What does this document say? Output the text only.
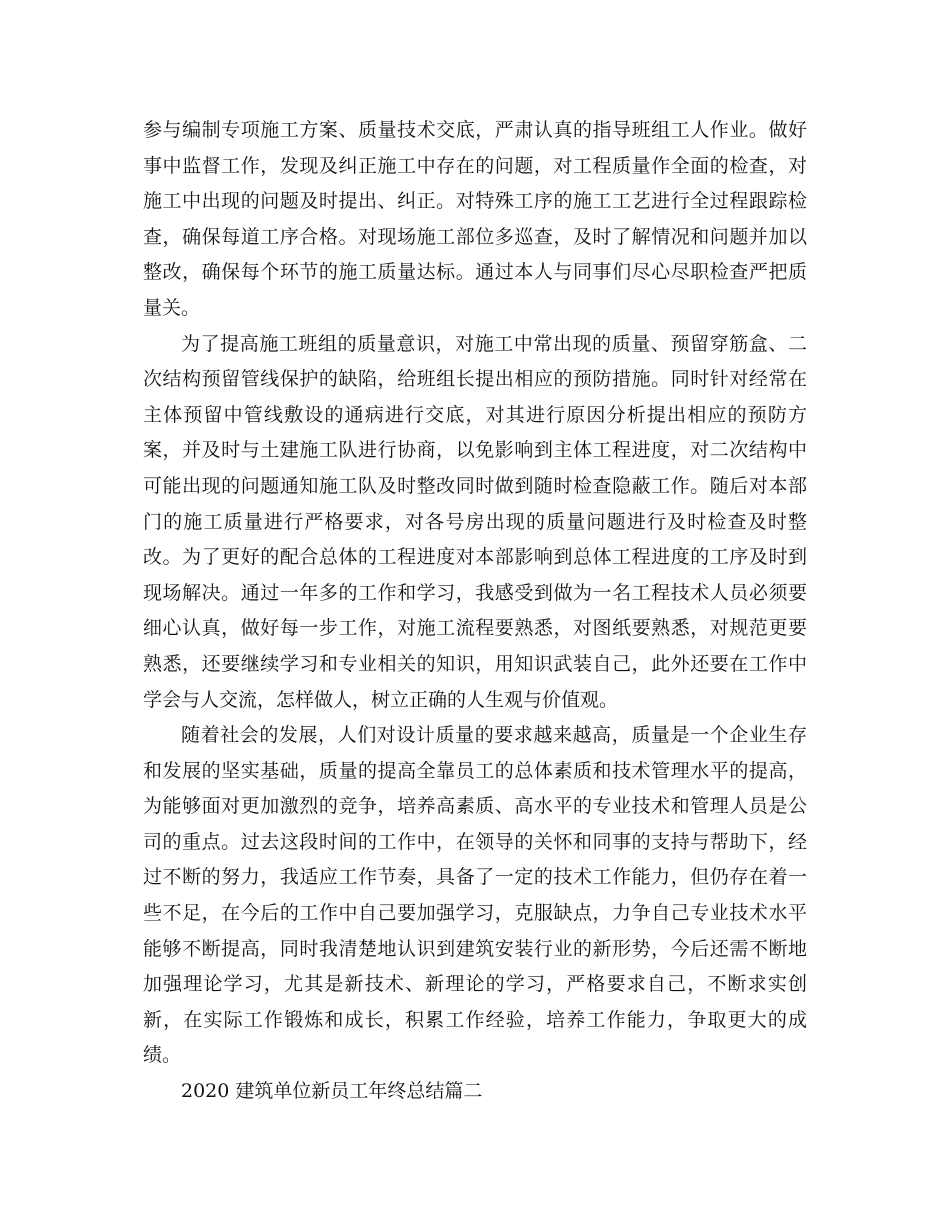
参与编制专项施工方案、质量技术交底，严肃认真的指导班组工人作业。做好事中监督工作，发现及纠正施工中存在的问题，对工程质量作全面的检查，对施工中出现的问题及时提出、纠正。对特殊工序的施工工艺进行全过程跟踪检查，确保每道工序合格。对现场施工部位多巡查，及时了解情况和问题并加以整改，确保每个环节的施工质量达标。通过本人与同事们尽心尽职检查严把质量关。

为了提高施工班组的质量意识，对施工中常出现的质量、预留穿筋盒、二次结构预留管线保护的缺陷，给班组长提出相应的预防措施。同时针对经常在主体预留中管线敷设的通病进行交底，对其进行原因分析提出相应的预防方案，并及时与土建施工队进行协商，以免影响到主体工程进度，对二次结构中可能出现的问题通知施工队及时整改同时做到随时检查隐蔽工作。随后对本部门的施工质量进行严格要求，对各号房出现的质量问题进行及时检查及时整改。为了更好的配合总体的工程进度对本部影响到总体工程进度的工序及时到现场解决。通过一年多的工作和学习，我感受到做为一名工程技术人员必须要细心认真，做好每一步工作，对施工流程要熟悉，对图纸要熟悉，对规范更要熟悉，还要继续学习和专业相关的知识，用知识武装自己，此外还要在工作中学会与人交流，怎样做人，树立正确的人生观与价值观。

随着社会的发展，人们对设计质量的要求越来越高，质量是一个企业生存和发展的坚实基础，质量的提高全靠员工的总体素质和技术管理水平的提高，为能够面对更加激烈的竞争，培养高素质、高水平的专业技术和管理人员是公司的重点。过去这段时间的工作中，在领导的关怀和同事的支持与帮助下，经过不断的努力，我适应工作节奏，具备了一定的技术工作能力，但仍存在着一些不足，在今后的工作中自己要加强学习，克服缺点，力争自己专业技术水平能够不断提高，同时我清楚地认识到建筑安装行业的新形势，今后还需不断地加强理论学习，尤其是新技术、新理论的学习，严格要求自己，不断求实创新，在实际工作锻炼和成长，积累工作经验，培养工作能力，争取更大的成绩。

2020 建筑单位新员工年终总结篇二
